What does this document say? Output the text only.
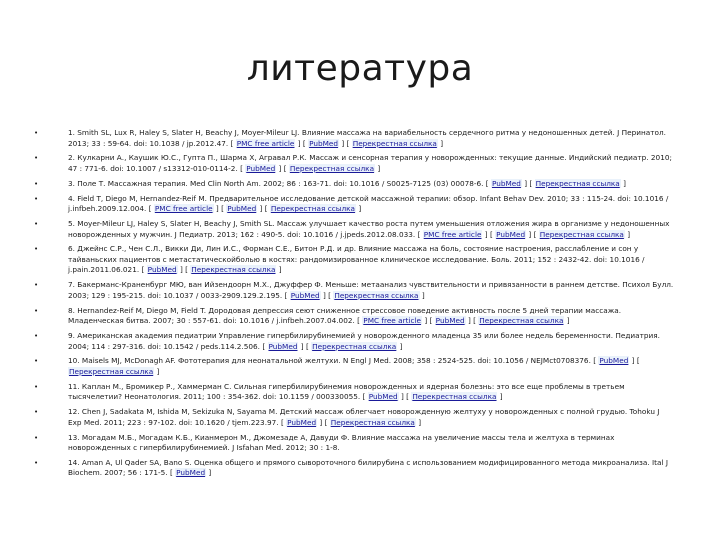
литература
•	1. Smith SL, Lux R, Haley S, Slater H, Beachy J, Moyer-Mileur LJ. Влияние массажа на вариабельность сердечного ритма у недоношенных детей. J Перинатол. 2013; 33 : 59-64. doi: 10.1038 / jp.2012.47. [ PMC free article ] [ PubMed ] [ Перекрестная ссылка ]
•	2. Кулкарни А., Каушик Ю.С., Гупта П., Шарма Х, Агравал Р.К. Массаж и сенсорная терапия у новорожденных: текущие данные. Индийский педиатр. 2010; 47 : 771-6. doi: 10.1007 / s13312-010-0114-2. [ PubMed ] [ Перекрестная ссылка ]
•	3. Поле Т. Массажная терапия. Med Clin North Am. 2002; 86 : 163-71. doi: 10.1016 / S0025-7125 (03) 00078-6. [ PubMed ] [ Перекрестная ссылка ]
•	4. Field T, Diego M, Hernandez-Reif M. Предварительное исследование детской массажной терапии: обзор. Infant Behav Dev. 2010; 33 : 115-24. doi: 10.1016 / j.infbeh.2009.12.004. [ PMC free article ] [ PubMed ] [ Перекрестная ссылка ]
•	5. Moyer-Mileur LJ, Haley S, Slater H, Beachy J, Smith SL. Массаж улучшает качество роста путем уменьшения отложения жира в организме у недоношенных новорожденных у мужчин. J Педиатр. 2013; 162 : 490-5. doi: 10.1016 / j.jpeds.2012.08.033. [ PMC free article ] [ PubMed ] [ Перекрестная ссылка ]
•	6. Джейнс С.Р., Чен С.Л., Викки Ди, Лин И.С., Форман С.Е., Битон Р.Д. и др. Влияние массажа на боль, состояние настроения, расслабление и сон у тайваньских пациентов с метастатическойболью в костях: рандомизированное клиническое исследование. Боль. 2011; 152 : 2432-42. doi: 10.1016 / j.pain.2011.06.021. [ PubMed ] [ Перекрестная ссылка ]
•	7. Бакерманс-Краненбург МЮ, ван Ийзендоорн М.Х., Джуффер Ф. Меньше: метаанализ чувствительности и привязанности в раннем детстве. Психол Булл. 2003; 129 : 195-215. doi: 10.1037 / 0033-2909.129.2.195. [ PubMed ] [ Перекрестная ссылка ]
•	8. Hernandez-Reif M, Diego M, Field T. Дородовая депрессия сеют сниженное стрессовое поведение активность после 5 дней терапии массажа. Младенческая битва. 2007; 30 : 557-61. doi: 10.1016 / j.infbeh.2007.04.002. [ PMC free article ] [ PubMed ] [ Перекрестная ссылка ]
•	9. Американская академия педиатрии Управление гипербилирубинемией у новорожденного младенца 35 или более недель беременности. Педиатрия. 2004; 114 : 297-316. doi: 10.1542 / peds.114.2.506. [ PubMed ] [ Перекрестная ссылка ]
•	10. Maisels MJ, McDonagh AF. Фототерапия для неонатальной желтухи. N Engl J Med. 2008; 358 : 2524-525. doi: 10.1056 / NEJMct0708376. [ PubMed ] [ Перекрестная ссылка ]
•	11. Каплан М., Бромикер Р., Хаммерман С. Сильная гипербилирубинемия новорожденных и ядерная болезнь: это все еще проблемы в третьем тысячелетии? Неонатология. 2011; 100 : 354-362. doi: 10.1159 / 000330055. [ PubMed ] [ Перекрестная ссылка ]
•	12. Chen J, Sadakata M, Ishida M, Sekizuka N, Sayama M. Детский массаж облегчает новорожденную желтуху у новорожденных с полной грудью. Tohoku J Exp Med. 2011; 223 : 97-102. doi: 10.1620 / tjem.223.97. [ PubMed ] [ Перекрестная ссылка ]
•	13. Могадам М.Б., Могадам К.Б., Кианмерон М., Джомезаде А, Давуди Ф. Влияние массажа на увеличение массы тела и желтуха в терминах новорожденных с гипербилирубинемией. J Isfahan Med. 2012; 30 : 1-8.
•	14. Aman A, Ul Qader SA, Bano S. Оценка общего и прямого сывороточного билирубина с использованием модифицированного метода микроанализа. Ital J Biochem. 2007; 56 : 171-5. [ PubMed ]
